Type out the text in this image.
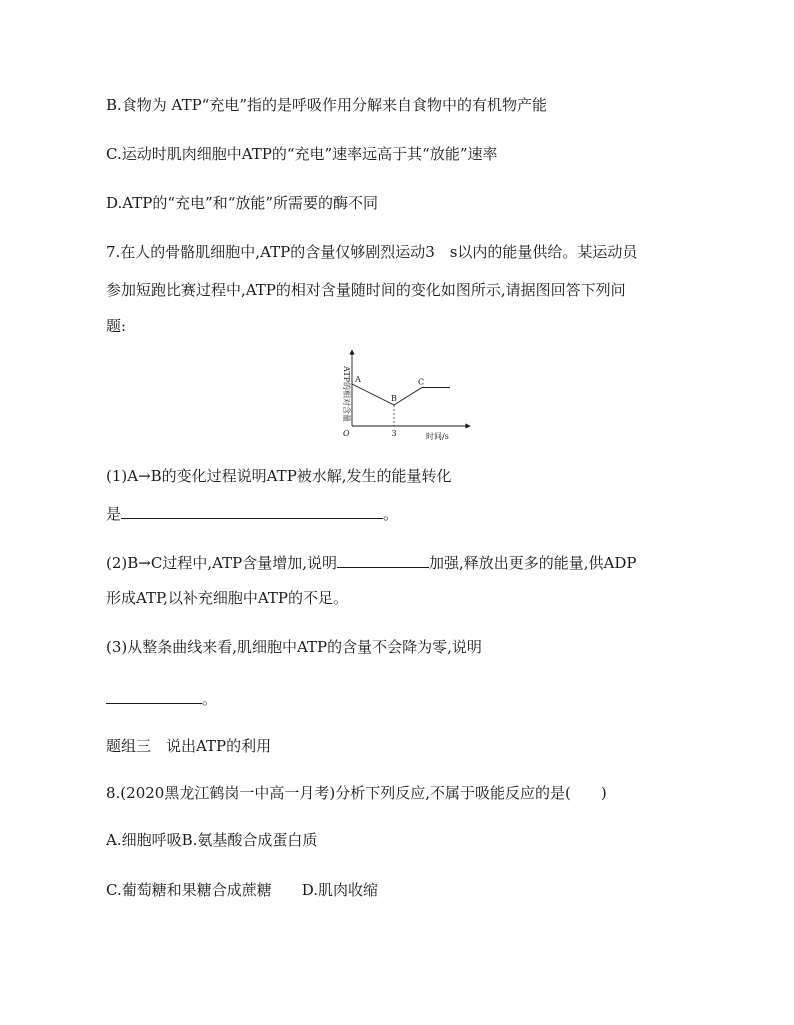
B.食物为 ATP“充电”指的是呼吸作用分解来自食物中的有机物产能
C.运动时肌肉细胞中ATP的“充电”速率远高于其“放能”速率
D.ATP的“充电”和“放能”所需要的酶不同
7.在人的骨骼肌细胞中,ATP的含量仅够剧烈运动3　s以内的能量供给。某运动员
参加短跑比赛过程中,ATP的相对含量随时间的变化如图所示,请据图回答下列问
题:
ATP的相对含量
时间/s
O	3
A
B
C
(1)A→B的变化过程说明ATP被水解,发生的能量转化
是	。
(2)B→C过程中,ATP含量增加,说明	加强,释放出更多的能量,供ADP
形成ATP,以补充细胞中ATP的不足。
(3)从整条曲线来看,肌细胞中ATP的含量不会降为零,说明
。
题组三　说出ATP的利用
8.(2020黑龙江鹤岗一中高一月考)分析下列反应,不属于吸能反应的是(　　)
A.细胞呼吸B.氨基酸合成蛋白质
C.葡萄糖和果糖合成蔗糖　　D.肌肉收缩
